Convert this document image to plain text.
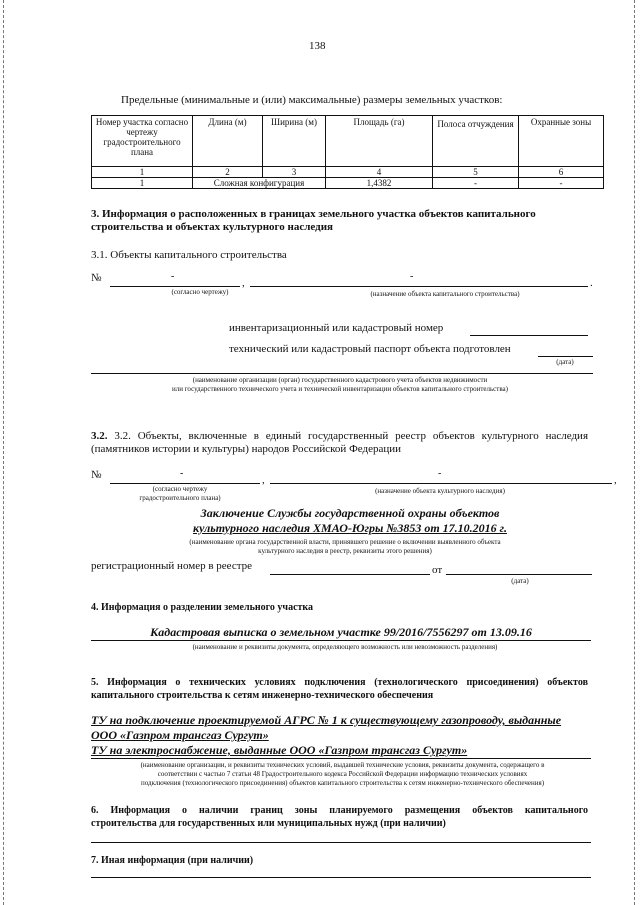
138
Предельные (минимальные и (или) максимальные) размеры земельных участков:
Номер участка согласно чертежу градостроительного плана	Длина (м)	Ширина (м)	Площадь (га)	Полоса отчуждения	Охранные зоны
1	2	3	4	5	6
1	Сложная конфигурация		1,4382	-	-
3. Информация о расположенных в границах земельного участка объектов капитального
строительства и объектах культурного наследия
3.1. Объекты капитального строительства
№	-
,
-
.
(согласно чертежу)	(назначение объекта капитального строительства)
инвентаризационный или кадастровый номер
технический или кадастровый паспорт объекта подготовлен
(дата)
(наименование организации (орган) государственного кадастрового учета объектов недвижимости
или государственного технического учета и технической инвентаризации объектов капитального строительства)
3.2. 3.2. Объекты, включенные в единый государственный реестр объектов культурного наследия
(памятников истории и культуры) народов Российской Федерации
№	-
,
-
,
(согласно чертежу
градостроительного плана)
(назначение объекта культурного наследия)
Заключение Службы государственной охраны объектов
культурного наследия ХМАО-Югры №3853 от 17.10.2016 г.
(наименование органа государственной власти, принявшего решение о включении выявленного объекта
культурного наследия в реестр, реквизиты этого решения)
регистрационный номер в реестре	от
(дата)
4. Информация о разделении земельного участка
Кадастровая выписка о земельном участке 99/2016/7556297 от 13.09.16
(наименование и реквизиты документа, определяющего возможность или невозможность разделения)
5. Информация о технических условиях подключения (технологического присоединения) объектов
капитального строительства к сетям инженерно-технического обеспечения
ТУ на подключение проектируемой АГРС № 1 к существующему газопроводу, выданные
ООО «Газпром трансгаз Сургут»
ТУ на электроснабжение, выданные ООО «Газпром трансгаз Сургут»
(наименование организации, и реквизиты технических условий, выдавшей технические условия, реквизиты документа, содержащего в
соответствии с частью 7 статьи 48 Градостроительного кодекса Российской Федерации информацию технических условиях
подключения (технологического присоединения) объектов капитального строительства к сетям инженерно-технического обеспечения)
6. Информация о наличии границ зоны планируемого размещения объектов капитального
строительства для государственных или муниципальных нужд (при наличии)
7. Иная информация (при наличии)
